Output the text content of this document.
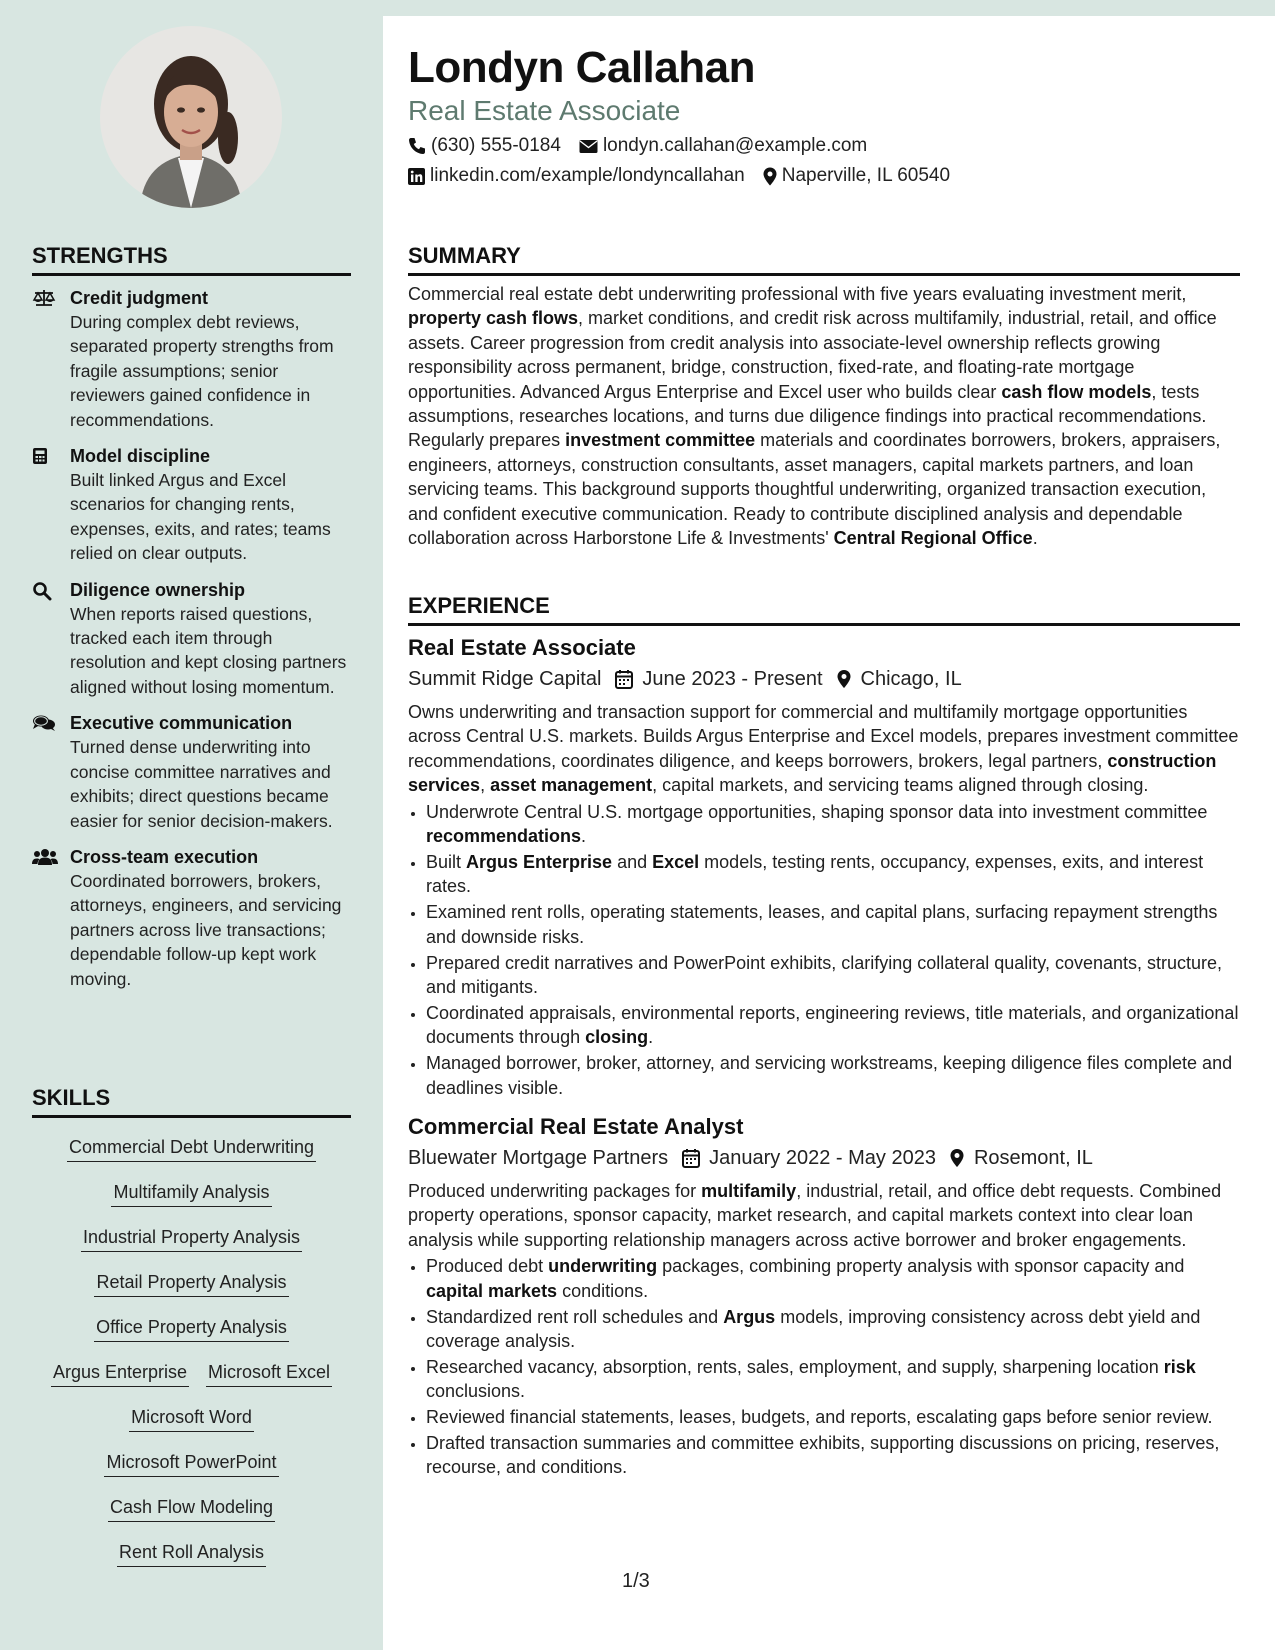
STRENGTHS
Credit judgment
During complex debt reviews, separated property strengths from fragile assumptions; senior reviewers gained confidence in recommendations.
Model discipline
Built linked Argus and Excel scenarios for changing rents, expenses, exits, and rates; teams relied on clear outputs.
Diligence ownership
When reports raised questions, tracked each item through resolution and kept closing partners aligned without losing momentum.
Executive communication
Turned dense underwriting into concise committee narratives and exhibits; direct questions became easier for senior decision-makers.
Cross-team execution
Coordinated borrowers, brokers, attorneys, engineers, and servicing partners across live transactions; dependable follow-up kept work moving.
SKILLS
Commercial Debt Underwriting
Multifamily Analysis
Industrial Property Analysis
Retail Property Analysis
Office Property Analysis
Argus Enterprise Microsoft Excel
Microsoft Word
Microsoft PowerPoint
Cash Flow Modeling
Rent Roll Analysis
Londyn Callahan
Real Estate Associate
(630) 555-0184 londyn.callahan@example.com
linkedin.com/example/londyncallahan Naperville, IL 60540
SUMMARY

Commercial real estate debt underwriting professional with five years evaluating investment merit, property cash flows, market conditions, and credit risk across multifamily, industrial, retail, and office assets. Career progression from credit analysis into associate-level ownership reflects growing responsibility across permanent, bridge, construction, fixed-rate, and floating-rate mortgage opportunities. Advanced Argus Enterprise and Excel user who builds clear cash flow models, tests assumptions, researches locations, and turns due diligence findings into practical recommendations. Regularly prepares investment committee materials and coordinates borrowers, brokers, appraisers, engineers, attorneys, construction consultants, asset managers, capital markets partners, and loan servicing teams. This background supports thoughtful underwriting, organized transaction execution, and confident executive communication. Ready to contribute disciplined analysis and dependable collaboration across Harborstone Life & Investments' Central Regional Office.

EXPERIENCE
Real Estate Associate
Summit Ridge Capital June 2023 - Present Chicago, IL

Owns underwriting and transaction support for commercial and multifamily mortgage opportunities across Central U.S. markets. Builds Argus Enterprise and Excel models, prepares investment committee recommendations, coordinates diligence, and keeps borrowers, brokers, legal partners, construction services, asset management, capital markets, and servicing teams aligned through closing.

• Underwrote Central U.S. mortgage opportunities, shaping sponsor data into investment committee recommendations.
• Built Argus Enterprise and Excel models, testing rents, occupancy, expenses, exits, and interest rates.
• Examined rent rolls, operating statements, leases, and capital plans, surfacing repayment strengths and downside risks.
• Prepared credit narratives and PowerPoint exhibits, clarifying collateral quality, covenants, structure, and mitigants.
• Coordinated appraisals, environmental reports, engineering reviews, title materials, and organizational documents through closing.
• Managed borrower, broker, attorney, and servicing workstreams, keeping diligence files complete and deadlines visible.
Commercial Real Estate Analyst
Bluewater Mortgage Partners January 2022 - May 2023 Rosemont, IL

Produced underwriting packages for multifamily, industrial, retail, and office debt requests. Combined property operations, sponsor capacity, market research, and capital markets context into clear loan analysis while supporting relationship managers across active borrower and broker engagements.

• Produced debt underwriting packages, combining property analysis with sponsor capacity and capital markets conditions.
• Standardized rent roll schedules and Argus models, improving consistency across debt yield and coverage analysis.
• Researched vacancy, absorption, rents, sales, employment, and supply, sharpening location risk conclusions.
• Reviewed financial statements, leases, budgets, and reports, escalating gaps before senior review.
• Drafted transaction summaries and committee exhibits, supporting discussions on pricing, reserves, recourse, and conditions.
1/3
